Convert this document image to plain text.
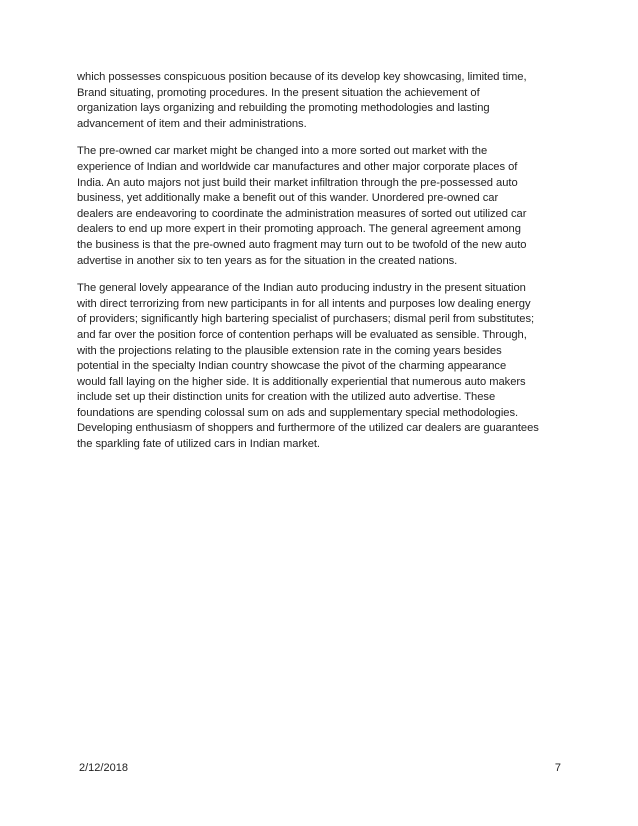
which possesses conspicuous position because of its develop key showcasing, limited time,
Brand situating, promoting procedures. In the present situation the achievement of
organization lays organizing and rebuilding the promoting methodologies and lasting
advancement of item and their administrations.

The pre-owned car market might be changed into a more sorted out market with the
experience of Indian and worldwide car manufactures and other major corporate places of
India. An auto majors not just build their market infiltration through the pre-possessed auto
business, yet additionally make a benefit out of this wander. Unordered pre-owned car
dealers are endeavoring to coordinate the administration measures of sorted out utilized car
dealers to end up more expert in their promoting approach. The general agreement among
the business is that the pre-owned auto fragment may turn out to be twofold of the new auto
advertise in another six to ten years as for the situation in the created nations.

The general lovely appearance of the Indian auto producing industry in the present situation
with direct terrorizing from new participants in for all intents and purposes low dealing energy
of providers; significantly high bartering specialist of purchasers; dismal peril from substitutes;
and far over the position force of contention perhaps will be evaluated as sensible. Through,
with the projections relating to the plausible extension rate in the coming years besides
potential in the specialty Indian country showcase the pivot of the charming appearance
would fall laying on the higher side. It is additionally experiential that numerous auto makers
include set up their distinction units for creation with the utilized auto advertise. These
foundations are spending colossal sum on ads and supplementary special methodologies.
Developing enthusiasm of shoppers and furthermore of the utilized car dealers are guarantees
the sparkling fate of utilized cars in Indian market.

2/12/2018	7
